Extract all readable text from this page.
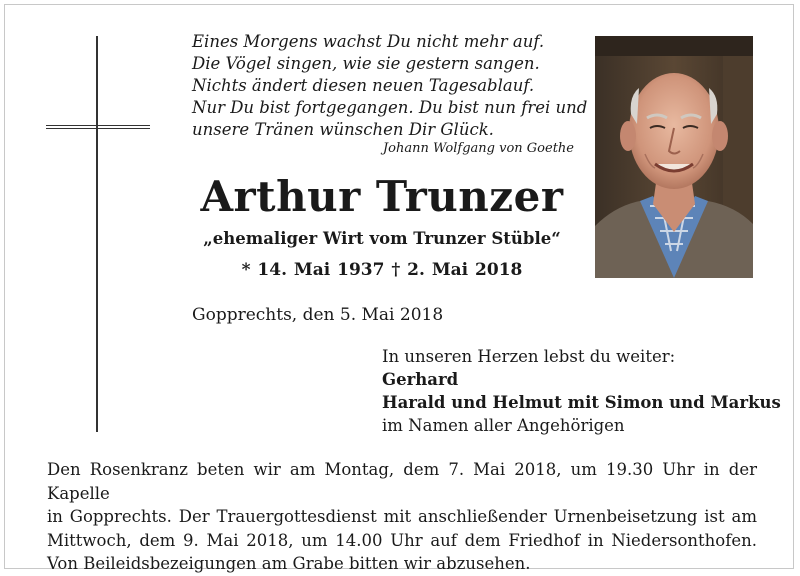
Eines Morgens wachst Du nicht mehr auf.
Die Vögel singen, wie sie gestern sangen.
Nichts ändert diesen neuen Tagesablauf.
Nur Du bist fortgegangen. Du bist nun frei und
unsere Tränen wünschen Dir Glück.
Johann Wolfgang von Goethe
Arthur Trunzer
„ehemaliger Wirt vom Trunzer Stüble“
* 14. Mai 1937 † 2. Mai 2018
Gopprechts, den 5. Mai 2018
In unseren Herzen lebst du weiter:
Gerhard
Harald und Helmut mit Simon und Markus
im Namen aller Angehörigen
Den Rosenkranz beten wir am Montag, dem 7. Mai 2018, um 19.30 Uhr in der Kapelle
in Gopprechts. Der Trauergottesdienst mit anschließender Urnenbeisetzung ist am
Mittwoch, dem 9. Mai 2018, um 14.00 Uhr auf dem Friedhof in Niedersonthofen.
Von Beileidsbezeigungen am Grabe bitten wir abzusehen.
